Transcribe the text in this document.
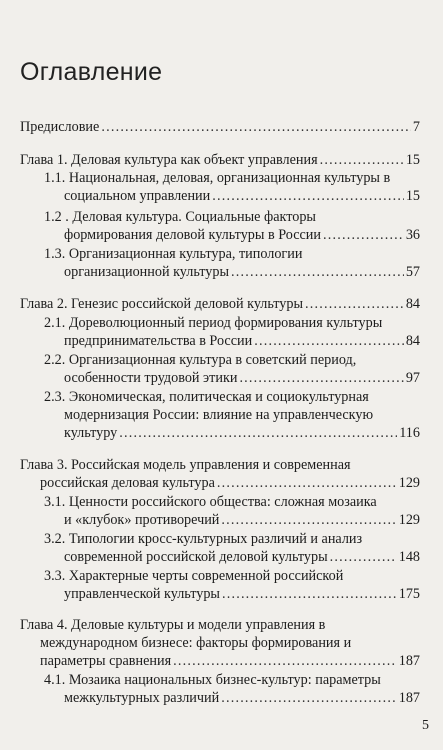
Оглавление
Предисловие .....	7
Глава 1. Деловая культура как объект управления .....	15
1.1. Национальная, деловая, организационная культуры в
социальном управлении .....	15
1.2 . Деловая культура. Социальные факторы
формирования деловой культуры в России .....	36
1.3. Организационная культура, типологии
организационной культуры .....	57
Глава 2. Генезис российской деловой культуры .....	84
2.1. Дореволюционный период формирования культуры
предпринимательства в России .....	84
2.2. Организационная культура в советский период,
особенности трудовой этики .....	97
2.3. Экономическая, политическая и социокультурная
модернизация России: влияние на управленческую
культуру .....	116
Глава 3. Российская модель управления и современная
российская деловая культура .....	129
3.1. Ценности российского общества: сложная мозаика
и «клубок» противоречий .....	129
3.2. Типологии кросс-культурных различий и анализ
современной российской деловой культуры .....	148
3.3. Характерные черты современной российской
управленческой культуры .....	175
Глава 4. Деловые культуры и модели управления в
международном бизнесе: факторы формирования и
параметры сравнения .....	187
4.1. Мозаика национальных бизнес-культур: параметры
межкультурных различий .....	187
5
